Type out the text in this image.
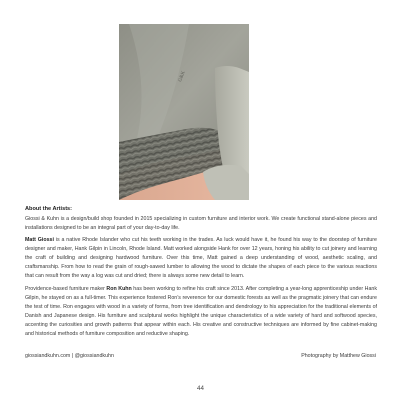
G&K
About the Artists:

Giossi & Kuhn is a design/build shop founded in 2015 specializing in custom furniture and interior work. We create functional stand-alone pieces and installations designed to be an integral part of your day-to-day life.

Matt Giossi is a native Rhode Islander who cut his teeth working in the trades. As luck would have it, he found his way to the doorstep of furniture designer and maker, Hank Gilpin in Lincoln, Rhode Island. Matt worked alongside Hank for over 12 years, honing his ability to cut joinery and learning the craft of building and designing hardwood furniture. Over this time, Matt gained a deep understanding of wood, aesthetic scaling, and craftsmanship. From how to read the grain of rough-sawed lumber to allowing the wood to dictate the shapes of each piece to the various reactions that can result from the way a log was cut and dried; there is always some new detail to learn.

Providence-based furniture maker Ron Kuhn has been working to refine his craft since 2013. After completing a year-long apprenticeship under Hank Gilpin, he stayed on as a full-timer. This experience fostered Ron’s reverence for our domestic forests as well as the pragmatic joinery that can endure the test of time. Ron engages with wood in a variety of forms, from tree identification and dendrology to his appreciation for the traditional elements of Danish and Japanese design. His furniture and sculptural works highlight the unique characteristics of a wide variety of hard and softwood species, accenting the curiosities and growth patterns that appear within each. His creative and constructive techniques are informed by fine cabinet-making and historical methods of furniture composition and reductive shaping.

giossiandkuhn.com | @giossiandkuhn	Photography by Matthew Giossi
44
